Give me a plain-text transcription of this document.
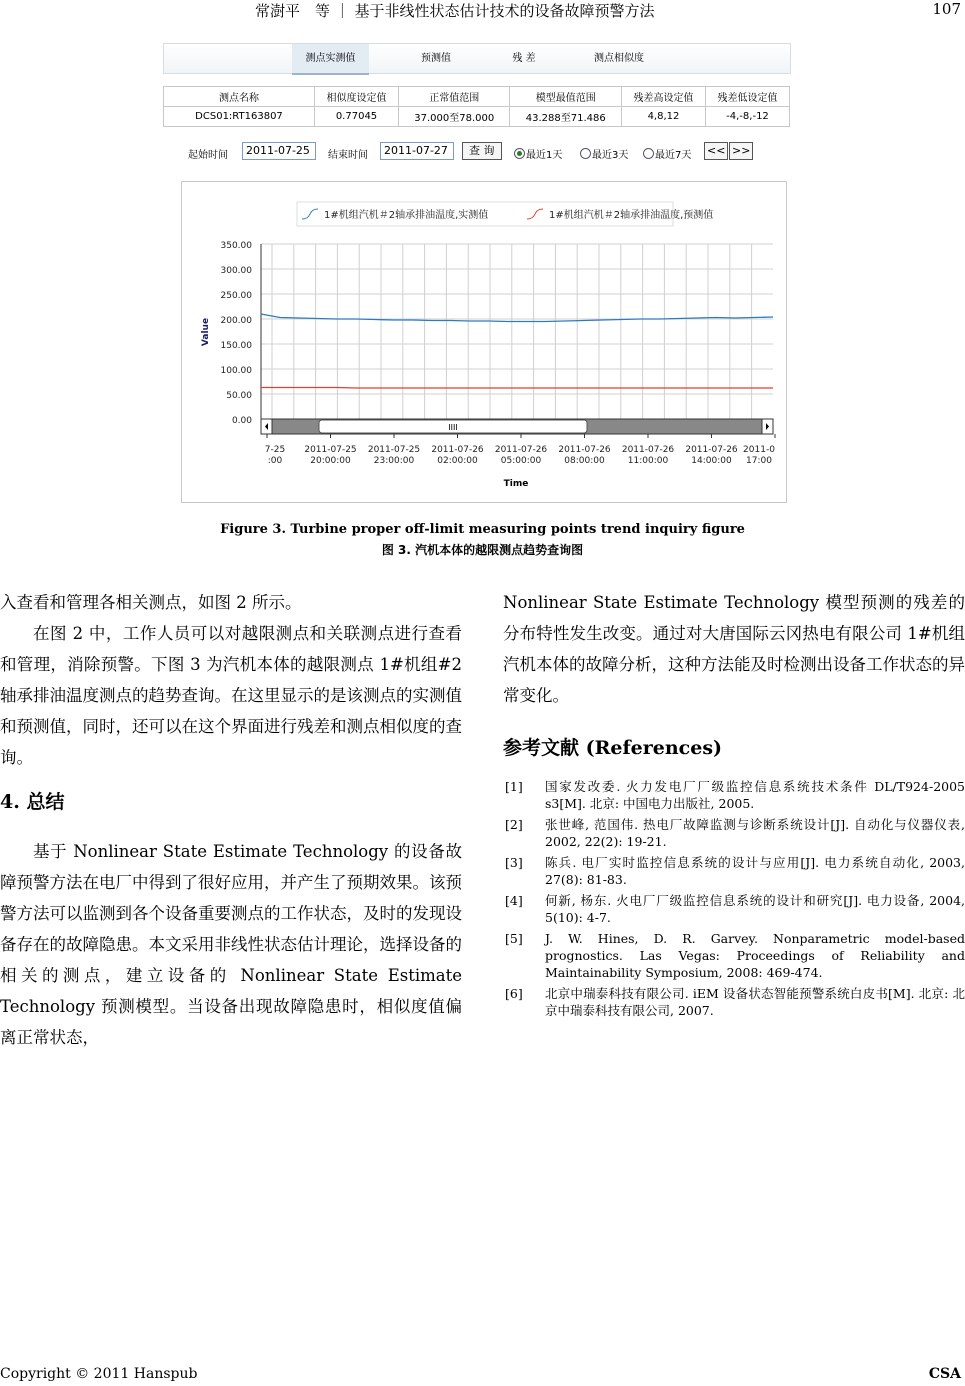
常澍平　等 ｜ 基于非线性状态估计技术的设备故障预警方法	107
测点实测值	预测值	残 差	测点相似度
测点名称	相似度设定值	正常值范围	模型最值范围	残差高设定值	残差低设定值
DCS01:RT163807	0.77045	37.000至78.000	43.288至71.486	4,8,12	-4,-8,-12
起始时间	2011-07-25	结束时间	2011-07-27	查 询	最近1天	最近3天	最近7天 << >>
1#机组汽机＃2轴承排油温度,实测值	1#机组汽机＃2轴承排油温度,预测值
0.00
50.00
100.00
150.00
200.00
250.00
300.00
350.00
Value
IIII
7-25
:00
2011-07-25
20:00:00
2011-07-25
23:00:00
2011-07-26
02:00:00
2011-07-26
05:00:00
2011-07-26
08:00:00
2011-07-26
11:00:00
2011-07-26
14:00:00
2011-0
17:00
Time
Figure 3. Turbine proper off-limit measuring points trend inquiry figure
图 3. 汽机本体的越限测点趋势查询图

入查看和管理各相关测点，如图 2 所示。

在图 2 中，工作人员可以对越限测点和关联测点进行查看和管理，消除预警。下图 3 为汽机本体的越限测点 1#机组#2 轴承排油温度测点的趋势查询。在这里显示的是该测点的实测值和预测值，同时，还可以在这个界面进行残差和测点相似度的查询。

4. 总结

基于 Nonlinear State Estimate Technology 的设备故障预警方法在电厂中得到了很好应用，并产生了预期效果。该预警方法可以监测到各个设备重要测点的工作状态，及时的发现设备存在的故障隐患。本文采用非线性状态估计理论，选择设备的相关的测点，建立设备的 Nonlinear State Estimate Technology 预测模型。当设备出现故障隐患时，相似度值偏离正常状态，

Nonlinear State Estimate Technology 模型预测的残差的分布特性发生改变。通过对大唐国际云冈热电有限公司 1#机组汽机本体的故障分析，这种方法能及时检测出设备工作状态的异常变化。

参考文献 (References)
[1] 国家发改委. 火力发电厂厂级监控信息系统技术条件 DL/T924-2005 s3[M]. 北京: 中国电力出版社, 2005.
[2] 张世峰, 范国伟. 热电厂故障监测与诊断系统设计[J]. 自动化与仪器仪表, 2002, 22(2): 19-21.
[3] 陈兵. 电厂实时监控信息系统的设计与应用[J]. 电力系统自动化, 2003, 27(8): 81-83.
[4] 何新, 杨东. 火电厂厂级监控信息系统的设计和研究[J]. 电力设备, 2004, 5(10): 4-7.
[5] J. W. Hines, D. R. Garvey. Nonparametric model-based prognostics. Las Vegas: Proceedings of Reliability and Maintainability Symposium, 2008: 469-474.
[6] 北京中瑞泰科技有限公司. iEM 设备状态智能预警系统白皮书[M]. 北京: 北京中瑞泰科技有限公司, 2007.
Copyright © 2011 Hanspub	CSA
